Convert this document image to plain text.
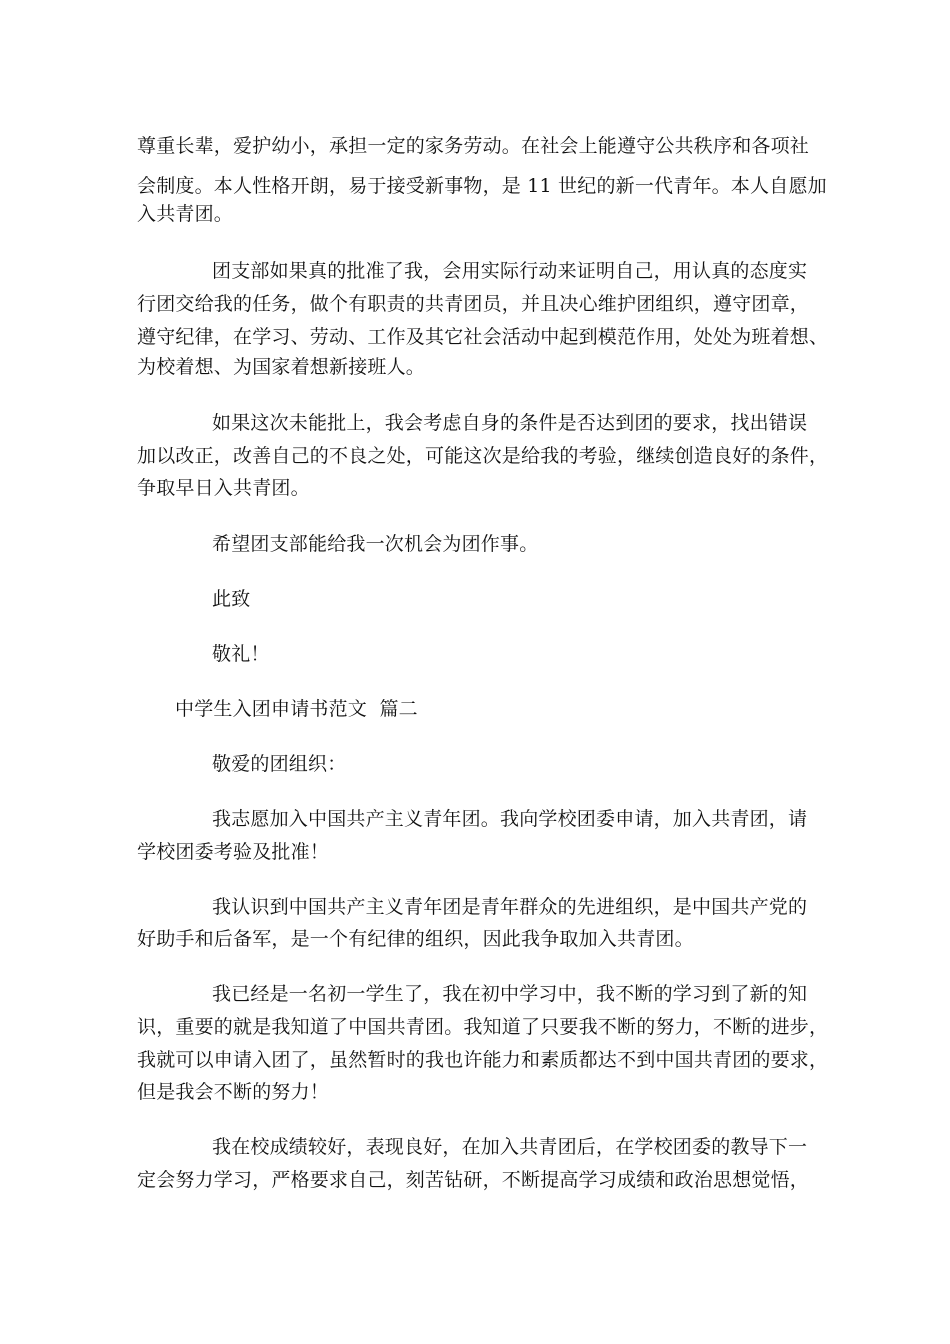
尊重长辈，爱护幼小，承担一定的家务劳动。在社会上能遵守公共秩序和各项社
会制度。本人性格开朗，易于接受新事物，是 11 世纪的新一代青年。本人自愿加
入共青团。
团支部如果真的批准了我，会用实际行动来证明自己，用认真的态度实
行团交给我的任务，做个有职责的共青团员，并且决心维护团组织，遵守团章，
遵守纪律，在学习、劳动、工作及其它社会活动中起到模范作用，处处为班着想、
为校着想、为国家着想新接班人。
如果这次未能批上，我会考虑自身的条件是否达到团的要求，找出错误
加以改正，改善自己的不良之处，可能这次是给我的考验，继续创造良好的条件，
争取早日入共青团。
希望团支部能给我一次机会为团作事。
此致
敬礼！
中学生入团申请书范文  篇二
敬爱的团组织：
我志愿加入中国共产主义青年团。我向学校团委申请，加入共青团，请
学校团委考验及批准！
我认识到中国共产主义青年团是青年群众的先进组织，是中国共产党的
好助手和后备军，是一个有纪律的组织，因此我争取加入共青团。
我已经是一名初一学生了，我在初中学习中，我不断的学习到了新的知
识，重要的就是我知道了中国共青团。我知道了只要我不断的努力，不断的进步，
我就可以申请入团了，虽然暂时的我也许能力和素质都达不到中国共青团的要求，
但是我会不断的努力！
我在校成绩较好，表现良好，在加入共青团后，在学校团委的教导下一
定会努力学习，严格要求自己，刻苦钻研，不断提高学习成绩和政治思想觉悟，
